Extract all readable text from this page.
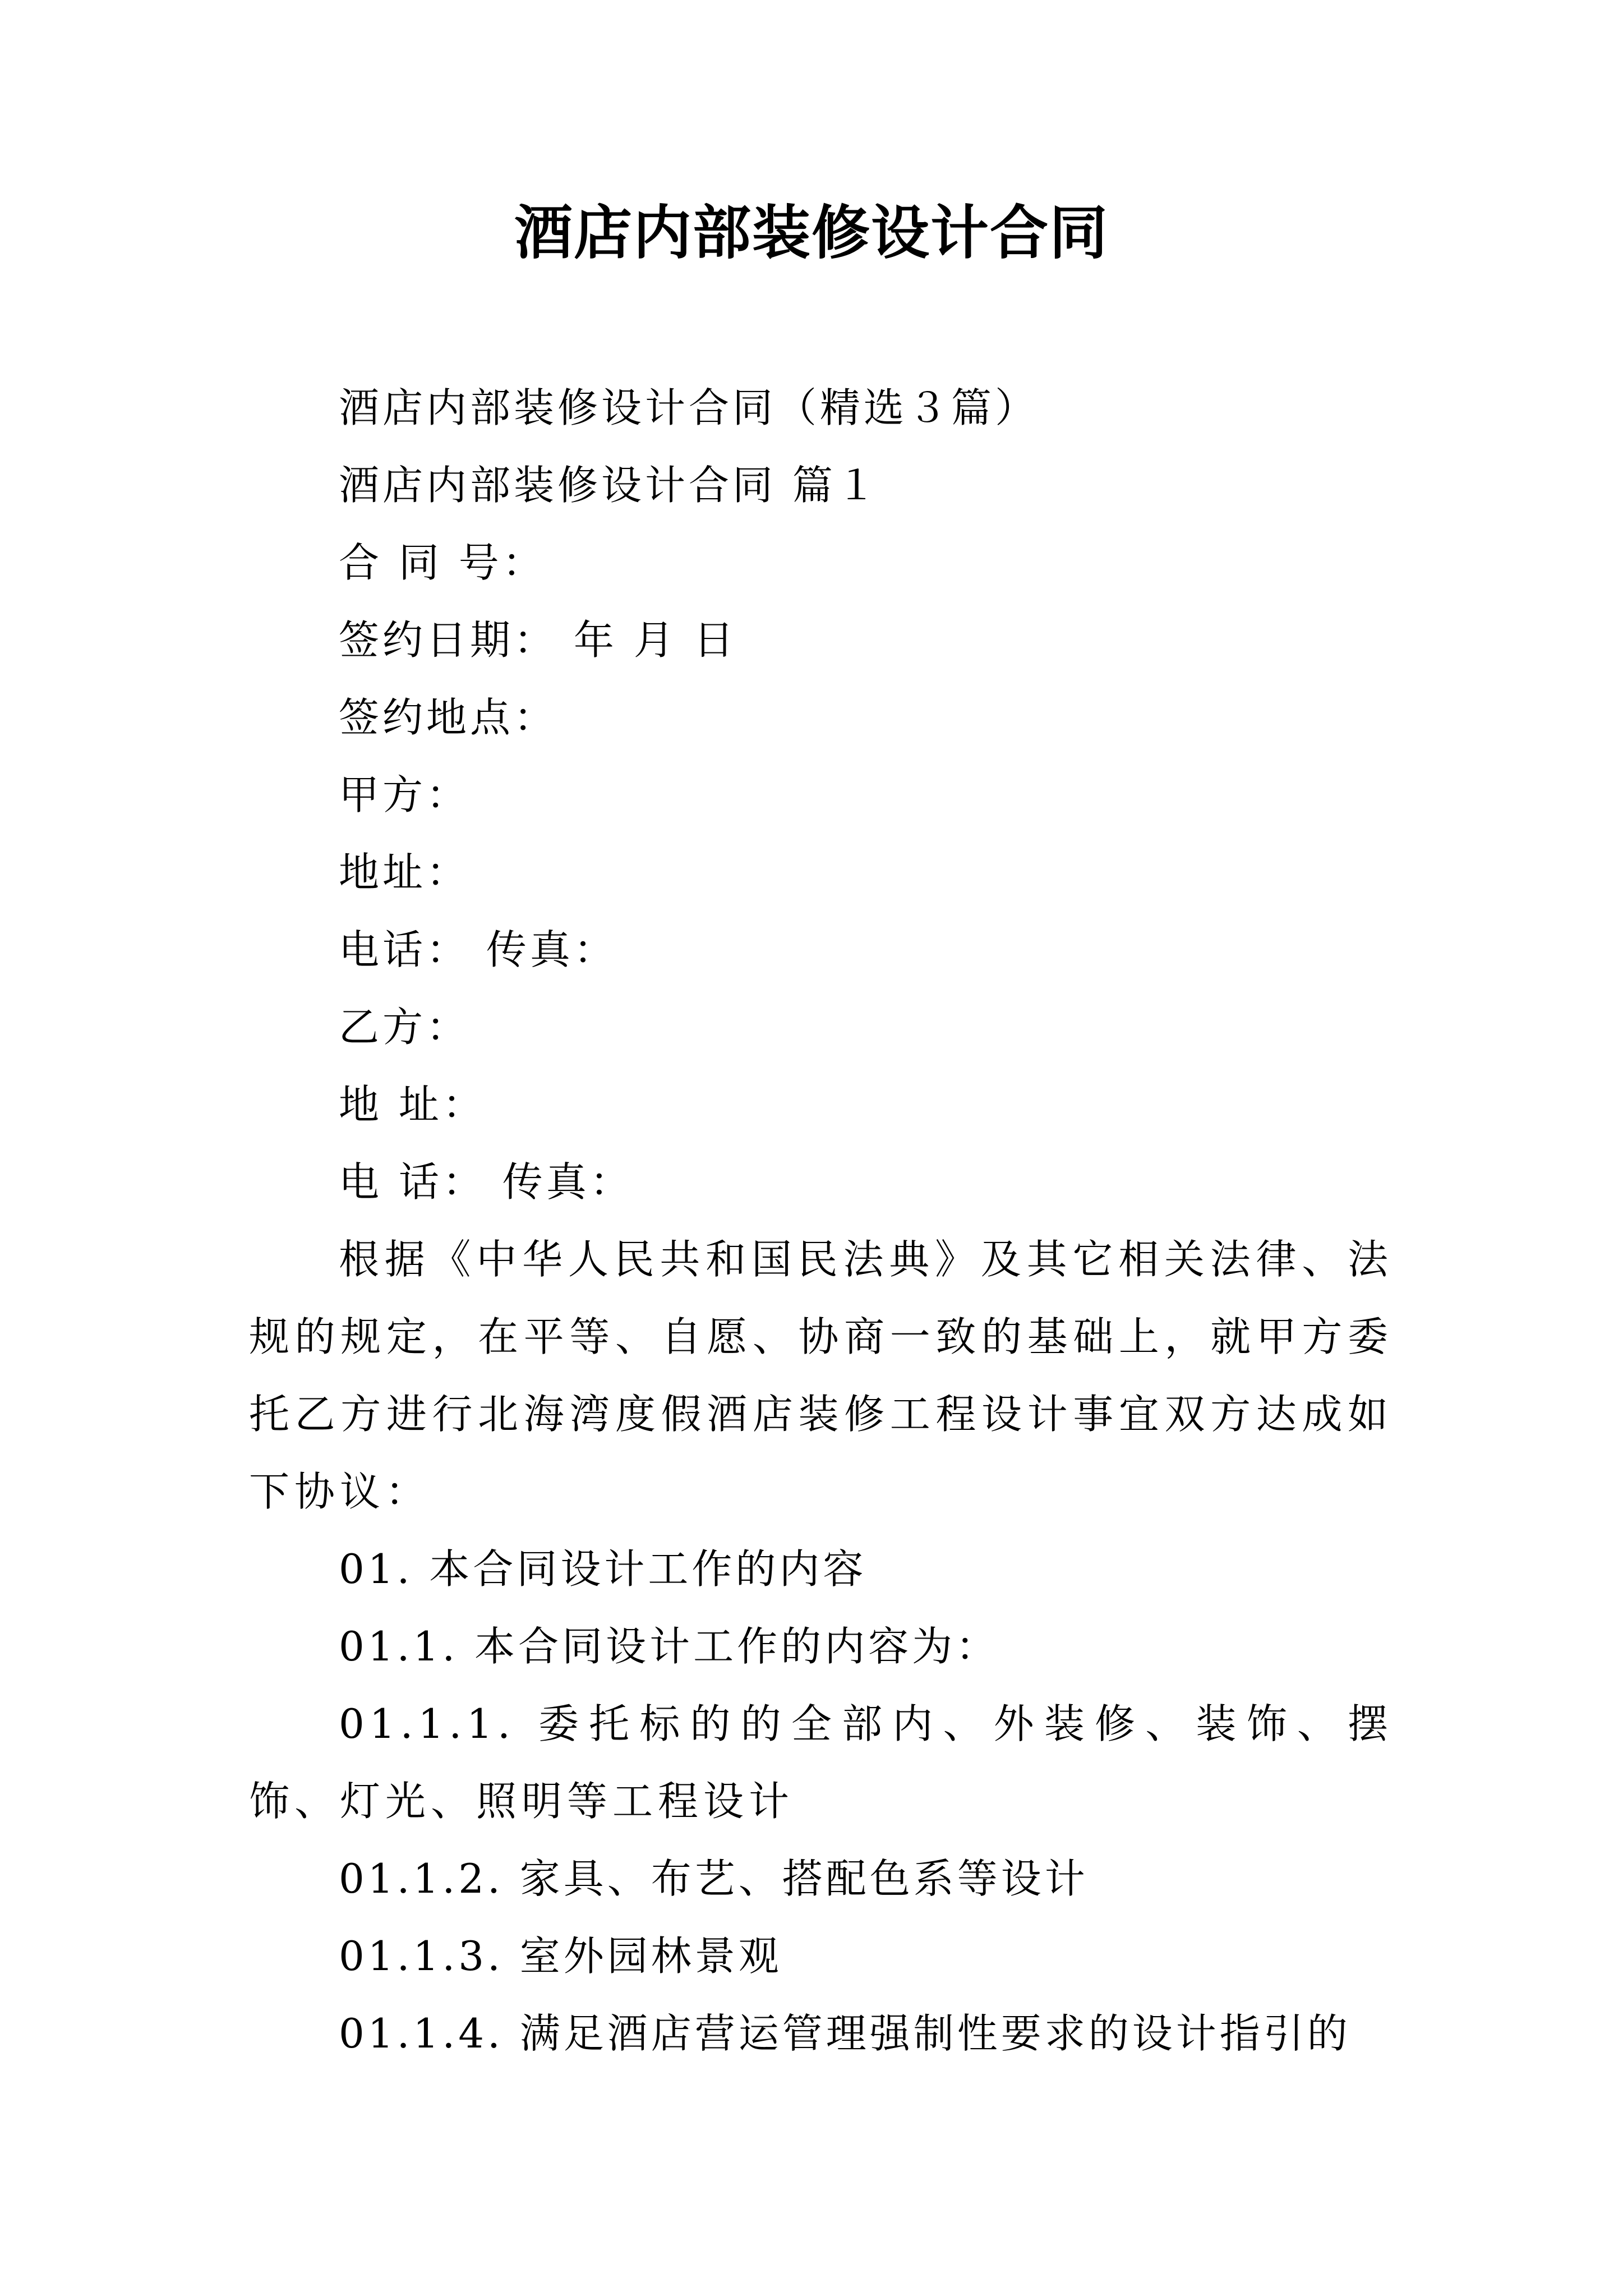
酒店内部装修设计合同
酒店内部装修设计合同（精选３篇）
酒店内部装修设计合同 篇１
合 同 号：
签约日期： 年 月 日
签约地点：
甲方：
地址：
电话： 传真：
乙方：
地 址：
电 话： 传真：
根据《中华人民共和国民法典》及其它相关法律、法规的规定，在平等、自愿、协商一致的基础上，就甲方委托乙方进行北海湾度假酒店装修工程设计事宜双方达成如下协议：
01. 本合同设计工作的内容
01.1. 本合同设计工作的内容为：
01.1.1. 委托标的的全部内、外装修、装饰、摆饰、灯光、照明等工程设计
01.1.2. 家具、布艺、搭配色系等设计
01.1.3. 室外园林景观
01.1.4. 满足酒店营运管理强制性要求的设计指引的
